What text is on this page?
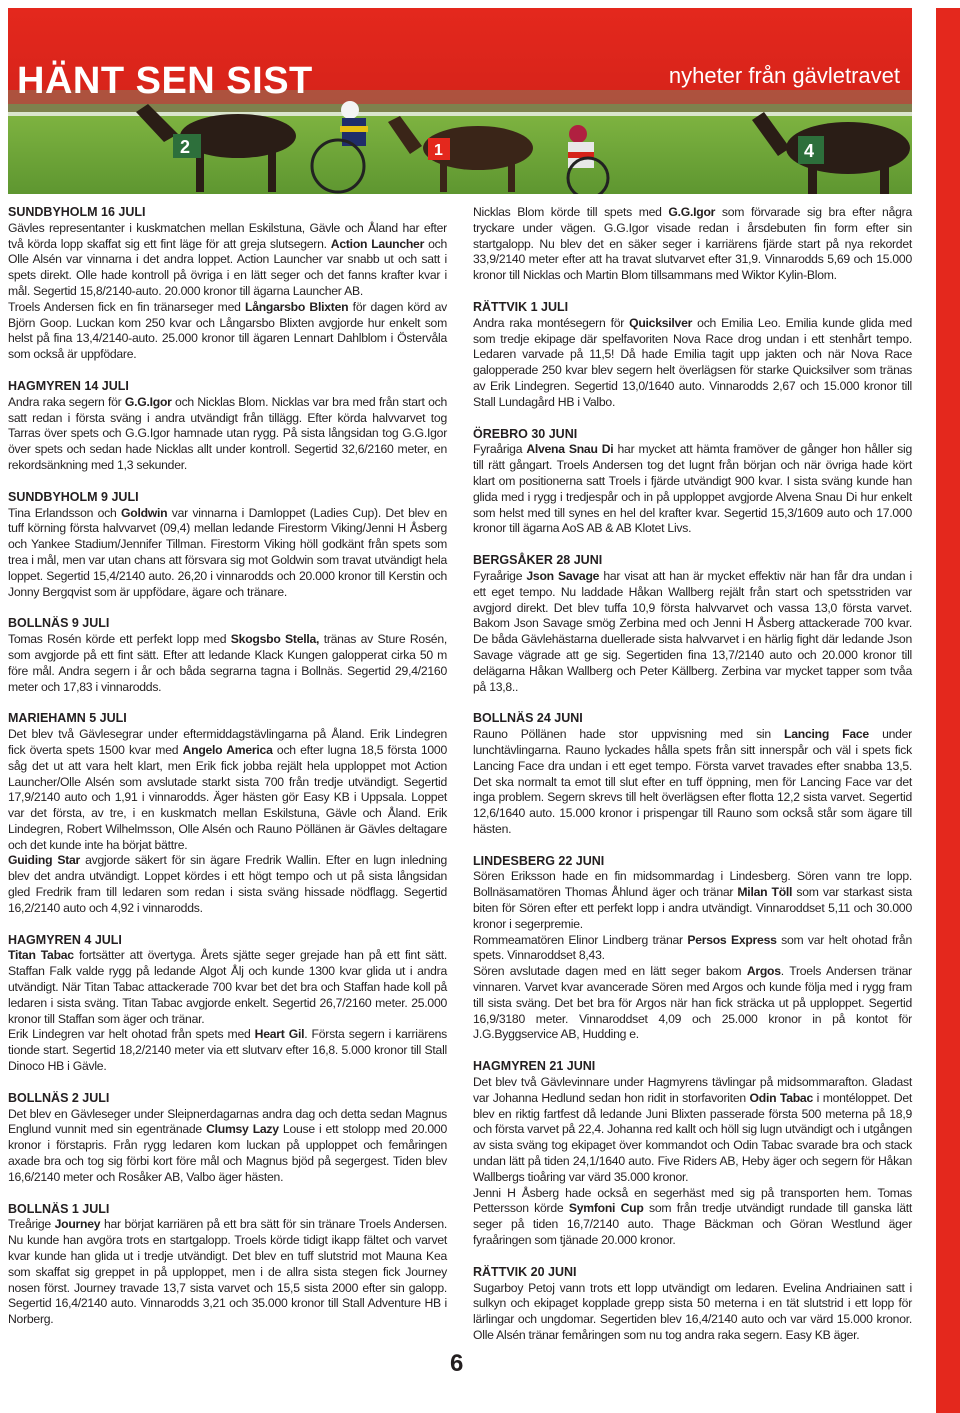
2	1	4
HÄNT SEN SIST	nyheter från gävletravet
SUNDBYHOLM 16 JULI

Gävles representanter i kuskmatchen mellan Eskilstuna, Gävle och Åland har efter två körda lopp skaffat sig ett fint läge för att greja slutsegern. Action Launcher och Olle Alsén var vinnarna i det andra loppet. Action Launcher var snabb ut och satt i spets direkt. Olle hade kontroll på övriga i en lätt seger och det fanns krafter kvar i mål. Segertid 15,8/2140-auto. 20.000 kronor till ägarna Launcher AB.
Troels Andersen fick en fin tränarseger med Långarsbo Blixten för dagen körd av Björn Goop. Luckan kom 250 kvar och Långarsbo Blixten avgjorde hur enkelt som helst på fina 13,4/2140-auto. 25.000 kronor till ägaren Lennart Dahlblom i Östervåla som också är uppfödare.

HAGMYREN 14 JULI

Andra raka segern för G.G.Igor och Nicklas Blom. Nicklas var bra med från start och satt redan i första sväng i andra utvändigt från tillägg. Efter körda halvvarvet tog Tarras över spets och G.G.Igor hamnade utan rygg. På sista långsidan tog G.G.Igor över spets och sedan hade Nicklas allt under kontroll. Segertid 32,6/2160 meter, en rekordsänkning med 1,3 sekunder.

SUNDBYHOLM 9 JULI

Tina Erlandsson och Goldwin var vinnarna i Damloppet (Ladies Cup). Det blev en tuff körning första halvvarvet (09,4) mellan ledande Firestorm Viking/Jenni H Åsberg och Yankee Stadium/Jennifer Tillman. Firestorm Viking höll godkänt från spets som trea i mål, men var utan chans att försvara sig mot Goldwin som travat utvändigt hela loppet. Segertid 15,4/2140 auto. 26,20 i vinnarodds och 20.000 kronor till Kerstin och Jonny Bergqvist som är uppfödare, ägare och tränare.

BOLLNÄS 9 JULI

Tomas Rosén körde ett perfekt lopp med Skogsbo Stella, tränas av Sture Rosén, som avgjorde på ett fint sätt. Efter att ledande Klack Kungen galopperat cirka 50 m före mål. Andra segern i år och båda segrarna tagna i Bollnäs. Segertid 29,4/2160 meter och 17,83 i vinnarodds.

MARIEHAMN 5 JULI

Det blev två Gävlesegrar under eftermiddagstävlingarna på Åland. Erik Lindegren fick överta spets 1500 kvar med Angelo America och efter lugna 18,5 första 1000 såg det ut att vara helt klart, men Erik fick jobba rejält hela upploppet mot Action Launcher/Olle Alsén som avslutade starkt sista 700 från tredje utvändigt. Segertid 17,9/2140 auto och 1,91 i vinnarodds. Äger hästen gör Easy KB i Uppsala. Loppet var det första, av tre, i en kuskmatch mellan Eskilstuna, Gävle och Åland. Erik Lindegren, Robert Wilhelmsson, Olle Alsén och Rauno Pöllänen är Gävles deltagare och det kunde inte ha börjat bättre.
Guiding Star avgjorde säkert för sin ägare Fredrik Wallin. Efter en lugn inledning blev det andra utvändigt. Loppet kördes i ett högt tempo och ut på sista långsidan gled Fredrik fram till ledaren som redan i sista sväng hissade nödflagg. Segertid 16,2/2140 auto och 4,92 i vinnarodds.

HAGMYREN 4 JULI

Titan Tabac fortsätter att övertyga. Årets sjätte seger grejade han på ett fint sätt. Staffan Falk valde rygg på ledande Algot Ålj och kunde 1300 kvar glida ut i andra utvändigt. När Titan Tabac attackerade 700 kvar bet det bra och Staffan hade koll på ledaren i sista sväng. Titan Tabac avgjorde enkelt. Segertid 26,7/2160 meter. 25.000 kronor till Staffan som äger och tränar.
Erik Lindegren var helt ohotad från spets med Heart Gil. Första segern i karriärens tionde start. Segertid 18,2/2140 meter via ett slutvarv efter 16,8. 5.000 kronor till Stall Dinoco HB i Gävle.

BOLLNÄS 2 JULI

Det blev en Gävleseger under Sleipnerdagarnas andra dag och detta sedan Magnus Englund vunnit med sin egentränade Clumsy Lazy Louse i ett stolopp med 20.000 kronor i förstapris. Från rygg ledaren kom luckan på upploppet och femåringen axade bra och tog sig förbi kort före mål och Magnus bjöd på segergest. Tiden blev 16,6/2140 meter och Rosåker AB, Valbo äger hästen.

BOLLNÄS 1 JULI

Treårige Journey har börjat karriären på ett bra sätt för sin tränare Troels Andersen. Nu kunde han avgöra trots en startgalopp. Troels körde tidigt ikapp fältet och varvet kvar kunde han glida ut i tredje utvändigt. Det blev en tuff slutstrid mot Mauna Kea som skaffat sig greppet in på upploppet, men i de allra sista stegen fick Journey nosen först. Journey travade 13,7 sista varvet och 15,5 sista 2000 efter sin galopp. Segertid 16,4/2140 auto. Vinnarodds 3,21 och 35.000 kronor till Stall Adventure HB i Norberg.

Nicklas Blom körde till spets med G.G.Igor som förvarade sig bra efter några tryckare under vägen. G.G.Igor visade redan i årsdebuten fin form efter sin startgalopp. Nu blev det en säker seger i karriärens fjärde start på nya rekordet 33,9/2140 meter efter att ha travat slutvarvet efter 31,9. Vinnarodds 5,69 och 15.000 kronor till Nicklas och Martin Blom tillsammans med Wiktor Kylin-Blom.

RÄTTVIK 1 JULI

Andra raka montésegern för Quicksilver och Emilia Leo. Emilia kunde glida med som tredje ekipage där spelfavoriten Nova Race drog undan i ett stenhårt tempo. Ledaren varvade på 11,5! Då hade Emilia tagit upp jakten och när Nova Race galopperade 250 kvar blev segern helt överlägsen för starke Quicksilver som tränas av Erik Lindegren. Segertid 13,0/1640 auto. Vinnarodds 2,67 och 15.000 kronor till Stall Lundagård HB i Valbo.

ÖREBRO 30 JUNI

Fyraåriga Alvena Snau Di har mycket att hämta framöver de gånger hon håller sig till rätt gångart. Troels Andersen tog det lugnt från början och när övriga hade kört klart om positionerna satt Troels i fjärde utvändigt 900 kvar. I sista sväng kunde han glida med i rygg i tredjespår och in på upploppet avgjorde Alvena Snau Di hur enkelt som helst med till synes en hel del krafter kvar. Segertid 15,3/1609 auto och 17.000 kronor till ägarna AoS AB & AB Klotet Livs.

BERGSÅKER 28 JUNI

Fyraårige Json Savage har visat att han är mycket effektiv när han får dra undan i ett eget tempo. Nu laddade Håkan Wallberg rejält från start och spetsstriden var avgjord direkt. Det blev tuffa 10,9 första halvvarvet och vassa 13,0 första varvet. Bakom Json Savage smög Zerbina med och Jenni H Åsberg attackerade 700 kvar. De båda Gävlehästarna duellerade sista halvvarvet i en härlig fight där ledande Json Savage vägrade att ge sig. Segertiden fina 13,7/2140 auto och 20.000 kronor till delägarna Håkan Wallberg och Peter Källberg. Zerbina var mycket tapper som tvåa på 13,8..

BOLLNÄS 24 JUNI

Rauno Pöllänen hade stor uppvisning med sin Lancing Face under lunchtävlingarna. Rauno lyckades hålla spets från sitt innerspår och väl i spets fick Lancing Face dra undan i ett eget tempo. Första varvet travades efter snabba 13,5. Det ska normalt ta emot till slut efter en tuff öppning, men för Lancing Face var det inga problem. Segern skrevs till helt överlägsen efter flotta 12,2 sista varvet. Segertid 12,6/1640 auto. 15.000 kronor i prispengar till Rauno som också står som ägare till hästen.

LINDESBERG 22 JUNI

Sören Eriksson hade en fin midsommardag i Lindesberg. Sören vann tre lopp. Bollnäsamatören Thomas Åhlund äger och tränar Milan Töll som var starkast sista biten för Sören efter ett perfekt lopp i andra utvändigt. Vinnaroddset 5,11 och 30.000 kronor i segerpremie.
Rommeamatören Elinor Lindberg tränar Persos Express som var helt ohotad från spets. Vinnaroddset 8,43.
Sören avslutade dagen med en lätt seger bakom Argos. Troels Andersen tränar vinnaren. Varvet kvar avancerade Sören med Argos och kunde följa med i rygg fram till sista sväng. Det bet bra för Argos när han fick sträcka ut på upploppet. Segertid 16,9/3180 meter. Vinnaroddset 4,09 och 25.000 kronor in på kontot för J.G.Byggservice AB, Hudding e.

HAGMYREN 21 JUNI

Det blev två Gävlevinnare under Hagmyrens tävlingar på midsommarafton. Gladast var Johanna Hedlund sedan hon ridit in storfavoriten Odin Tabac i montéloppet. Det blev en riktig fartfest då ledande Juni Blixten passerade första 500 meterna på 18,9 och första varvet på 22,4. Johanna red kallt och höll sig lugn utvändigt och i utgången av sista sväng tog ekipaget över kommandot och Odin Tabac svarade bra och stack undan lätt på tiden 24,1/1640 auto. Five Riders AB, Heby äger och segern för Håkan Wallbergs tioåring var värd 35.000 kronor.
Jenni H Åsberg hade också en segerhäst med sig på transporten hem. Tomas Pettersson körde Symfoni Cup som från tredje utvändigt rundade till ganska lätt seger på tiden 16,7/2140 auto. Thage Bäckman och Göran Westlund äger fyraåringen som tjänade 20.000 kronor.

RÄTTVIK 20 JUNI

Sugarboy Petoj vann trots ett lopp utvändigt om ledaren. Evelina Andriainen satt i sulkyn och ekipaget kopplade grepp sista 50 meterna i en tät slutstrid i ett lopp för lärlingar och ungdomar. Segertiden blev 16,4/2140 auto och var värd 15.000 kronor. Olle Alsén tränar femåringen som nu tog andra raka segern. Easy KB äger.

6
